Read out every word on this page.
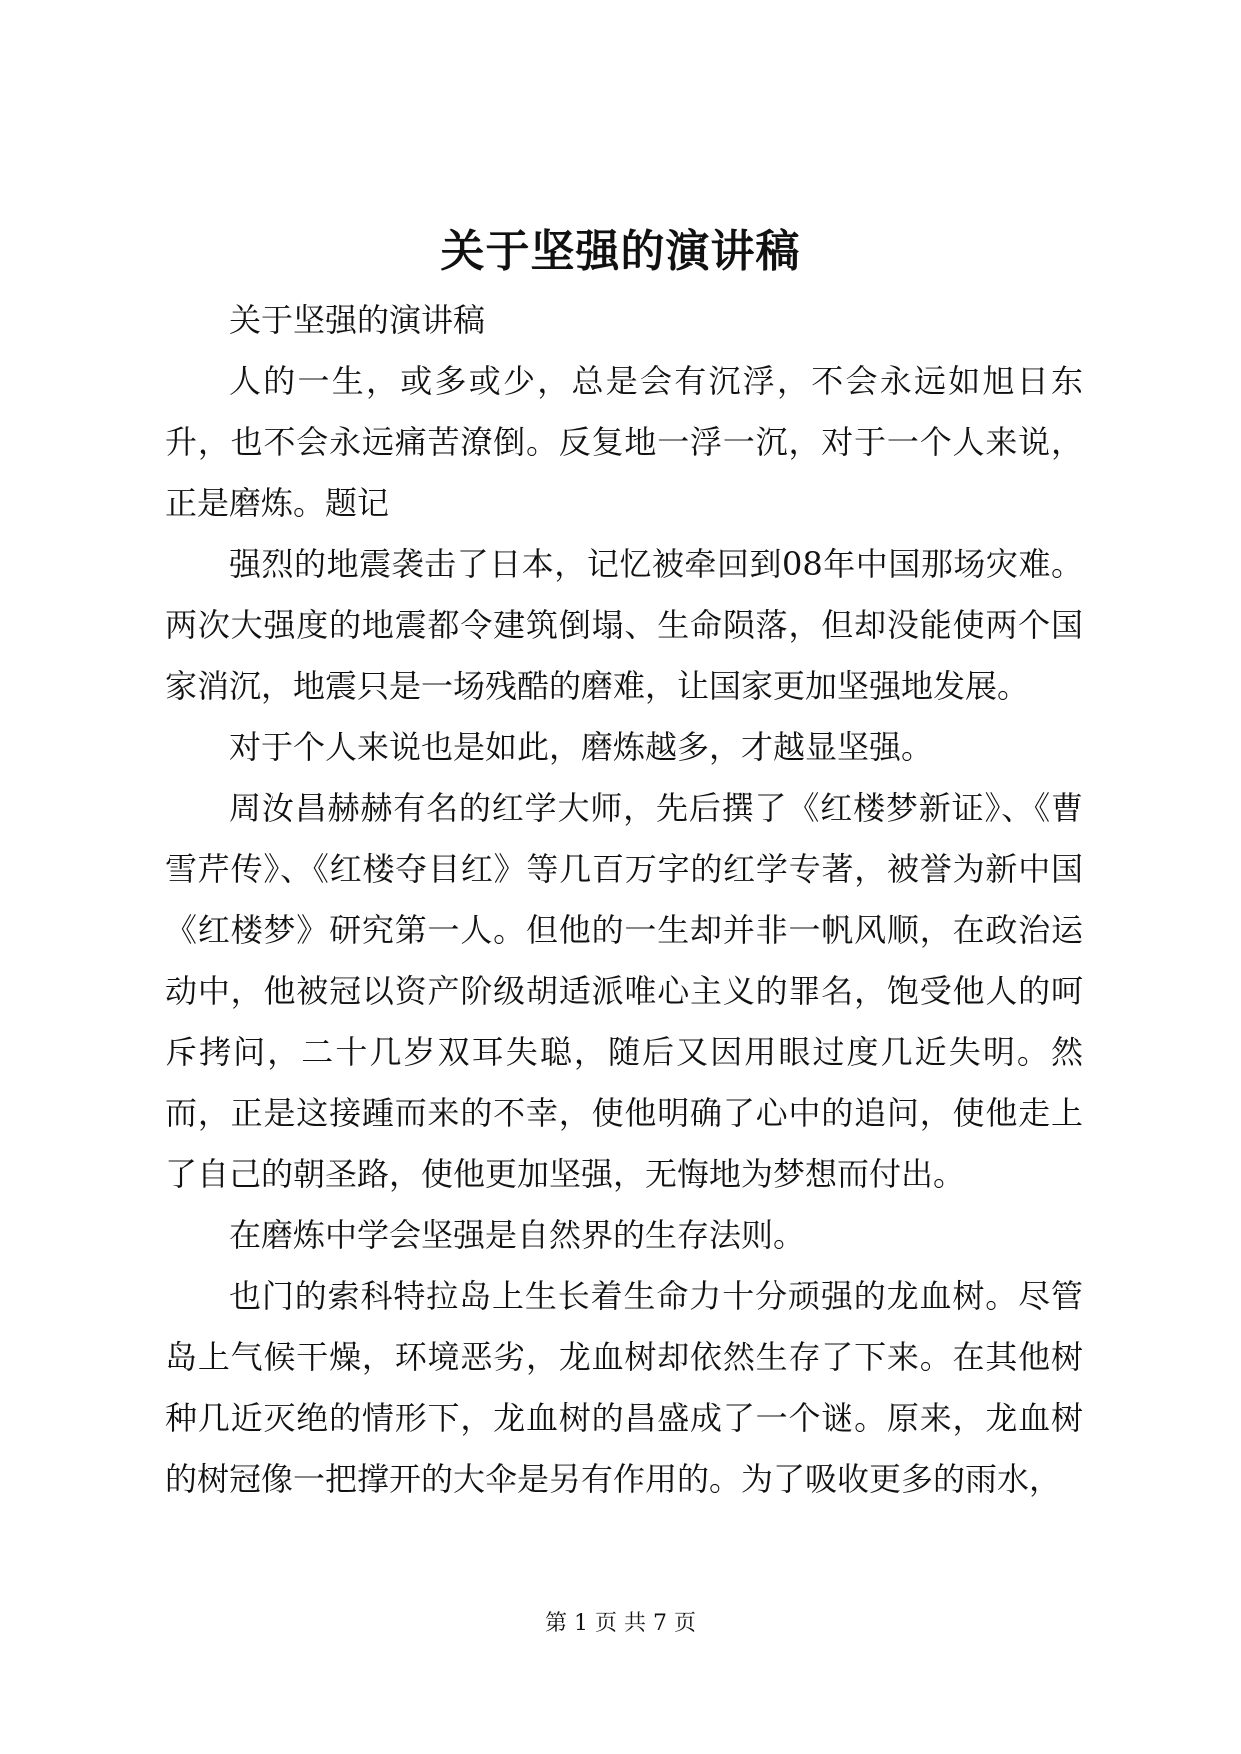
关于坚强的演讲稿

关于坚强的演讲稿

人的一生，或多或少，总是会有沉浮，不会永远如旭日东升，也不会永远痛苦潦倒。反复地一浮一沉，对于一个人来说，正是磨炼。题记

强烈的地震袭击了日本，记忆被牵回到08年中国那场灾难。两次大强度的地震都令建筑倒塌、生命陨落，但却没能使两个国家消沉，地震只是一场残酷的磨难，让国家更加坚强地发展。

对于个人来说也是如此，磨炼越多，才越显坚强。

周汝昌赫赫有名的红学大师，先后撰了《红楼梦新证》、《曹雪芹传》、《红楼夺目红》等几百万字的红学专著，被誉为新中国《红楼梦》研究第一人。但他的一生却并非一帆风顺，在政治运动中，他被冠以资产阶级胡适派唯心主义的罪名，饱受他人的呵斥拷问，二十几岁双耳失聪，随后又因用眼过度几近失明。然而，正是这接踵而来的不幸，使他明确了心中的追问，使他走上了自己的朝圣路，使他更加坚强，无悔地为梦想而付出。

在磨炼中学会坚强是自然界的生存法则。

也门的索科特拉岛上生长着生命力十分顽强的龙血树。尽管岛上气候干燥，环境恶劣，龙血树却依然生存了下来。在其他树种几近灭绝的情形下，龙血树的昌盛成了一个谜。原来，龙血树的树冠像一把撑开的大伞是另有作用的。为了吸收更多的雨水，

第 1 页 共 7 页
